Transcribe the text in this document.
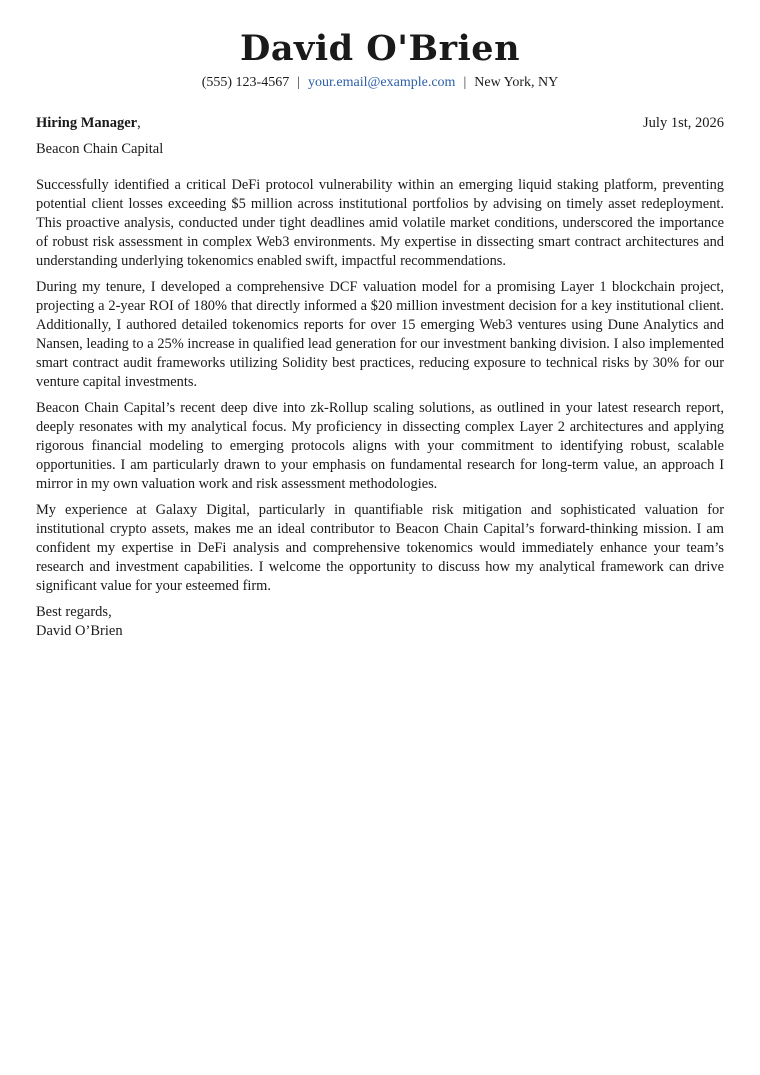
David O'Brien
(555) 123-4567 | your.email@example.com | New York, NY
Hiring Manager,	July 1st, 2026
Beacon Chain Capital

Successfully identified a critical DeFi protocol vulnerability within an emerging liquid staking platform, preventing potential client losses exceeding $5 million across institutional portfolios by advising on timely asset redeployment. This proactive analysis, conducted under tight deadlines amid volatile market conditions, underscored the importance of robust risk assessment in complex Web3 environments. My expertise in dissecting smart contract architectures and understanding underlying tokenomics enabled swift, impactful recommendations.

During my tenure, I developed a comprehensive DCF valuation model for a promising Layer 1 blockchain project, projecting a 2-year ROI of 180% that directly informed a $20 million investment decision for a key institutional client. Additionally, I authored detailed tokenomics reports for over 15 emerging Web3 ventures using Dune Analytics and Nansen, leading to a 25% increase in qualified lead generation for our investment banking division. I also implemented smart contract audit frameworks utilizing Solidity best practices, reducing exposure to technical risks by 30% for our venture capital investments.

Beacon Chain Capital’s recent deep dive into zk-Rollup scaling solutions, as outlined in your latest research report, deeply resonates with my analytical focus. My proficiency in dissecting complex Layer 2 architectures and applying rigorous financial modeling to emerging protocols aligns with your commitment to identifying robust, scalable opportunities. I am particularly drawn to your emphasis on fundamental research for long-term value, an approach I mirror in my own valuation work and risk assessment methodologies.

My experience at Galaxy Digital, particularly in quantifiable risk mitigation and sophisticated valuation for institutional crypto assets, makes me an ideal contributor to Beacon Chain Capital’s forward-thinking mission. I am confident my expertise in DeFi analysis and comprehensive tokenomics would immediately enhance your team’s research and investment capabilities. I welcome the opportunity to discuss how my analytical framework can drive significant value for your esteemed firm.

Best regards,
David O’Brien
